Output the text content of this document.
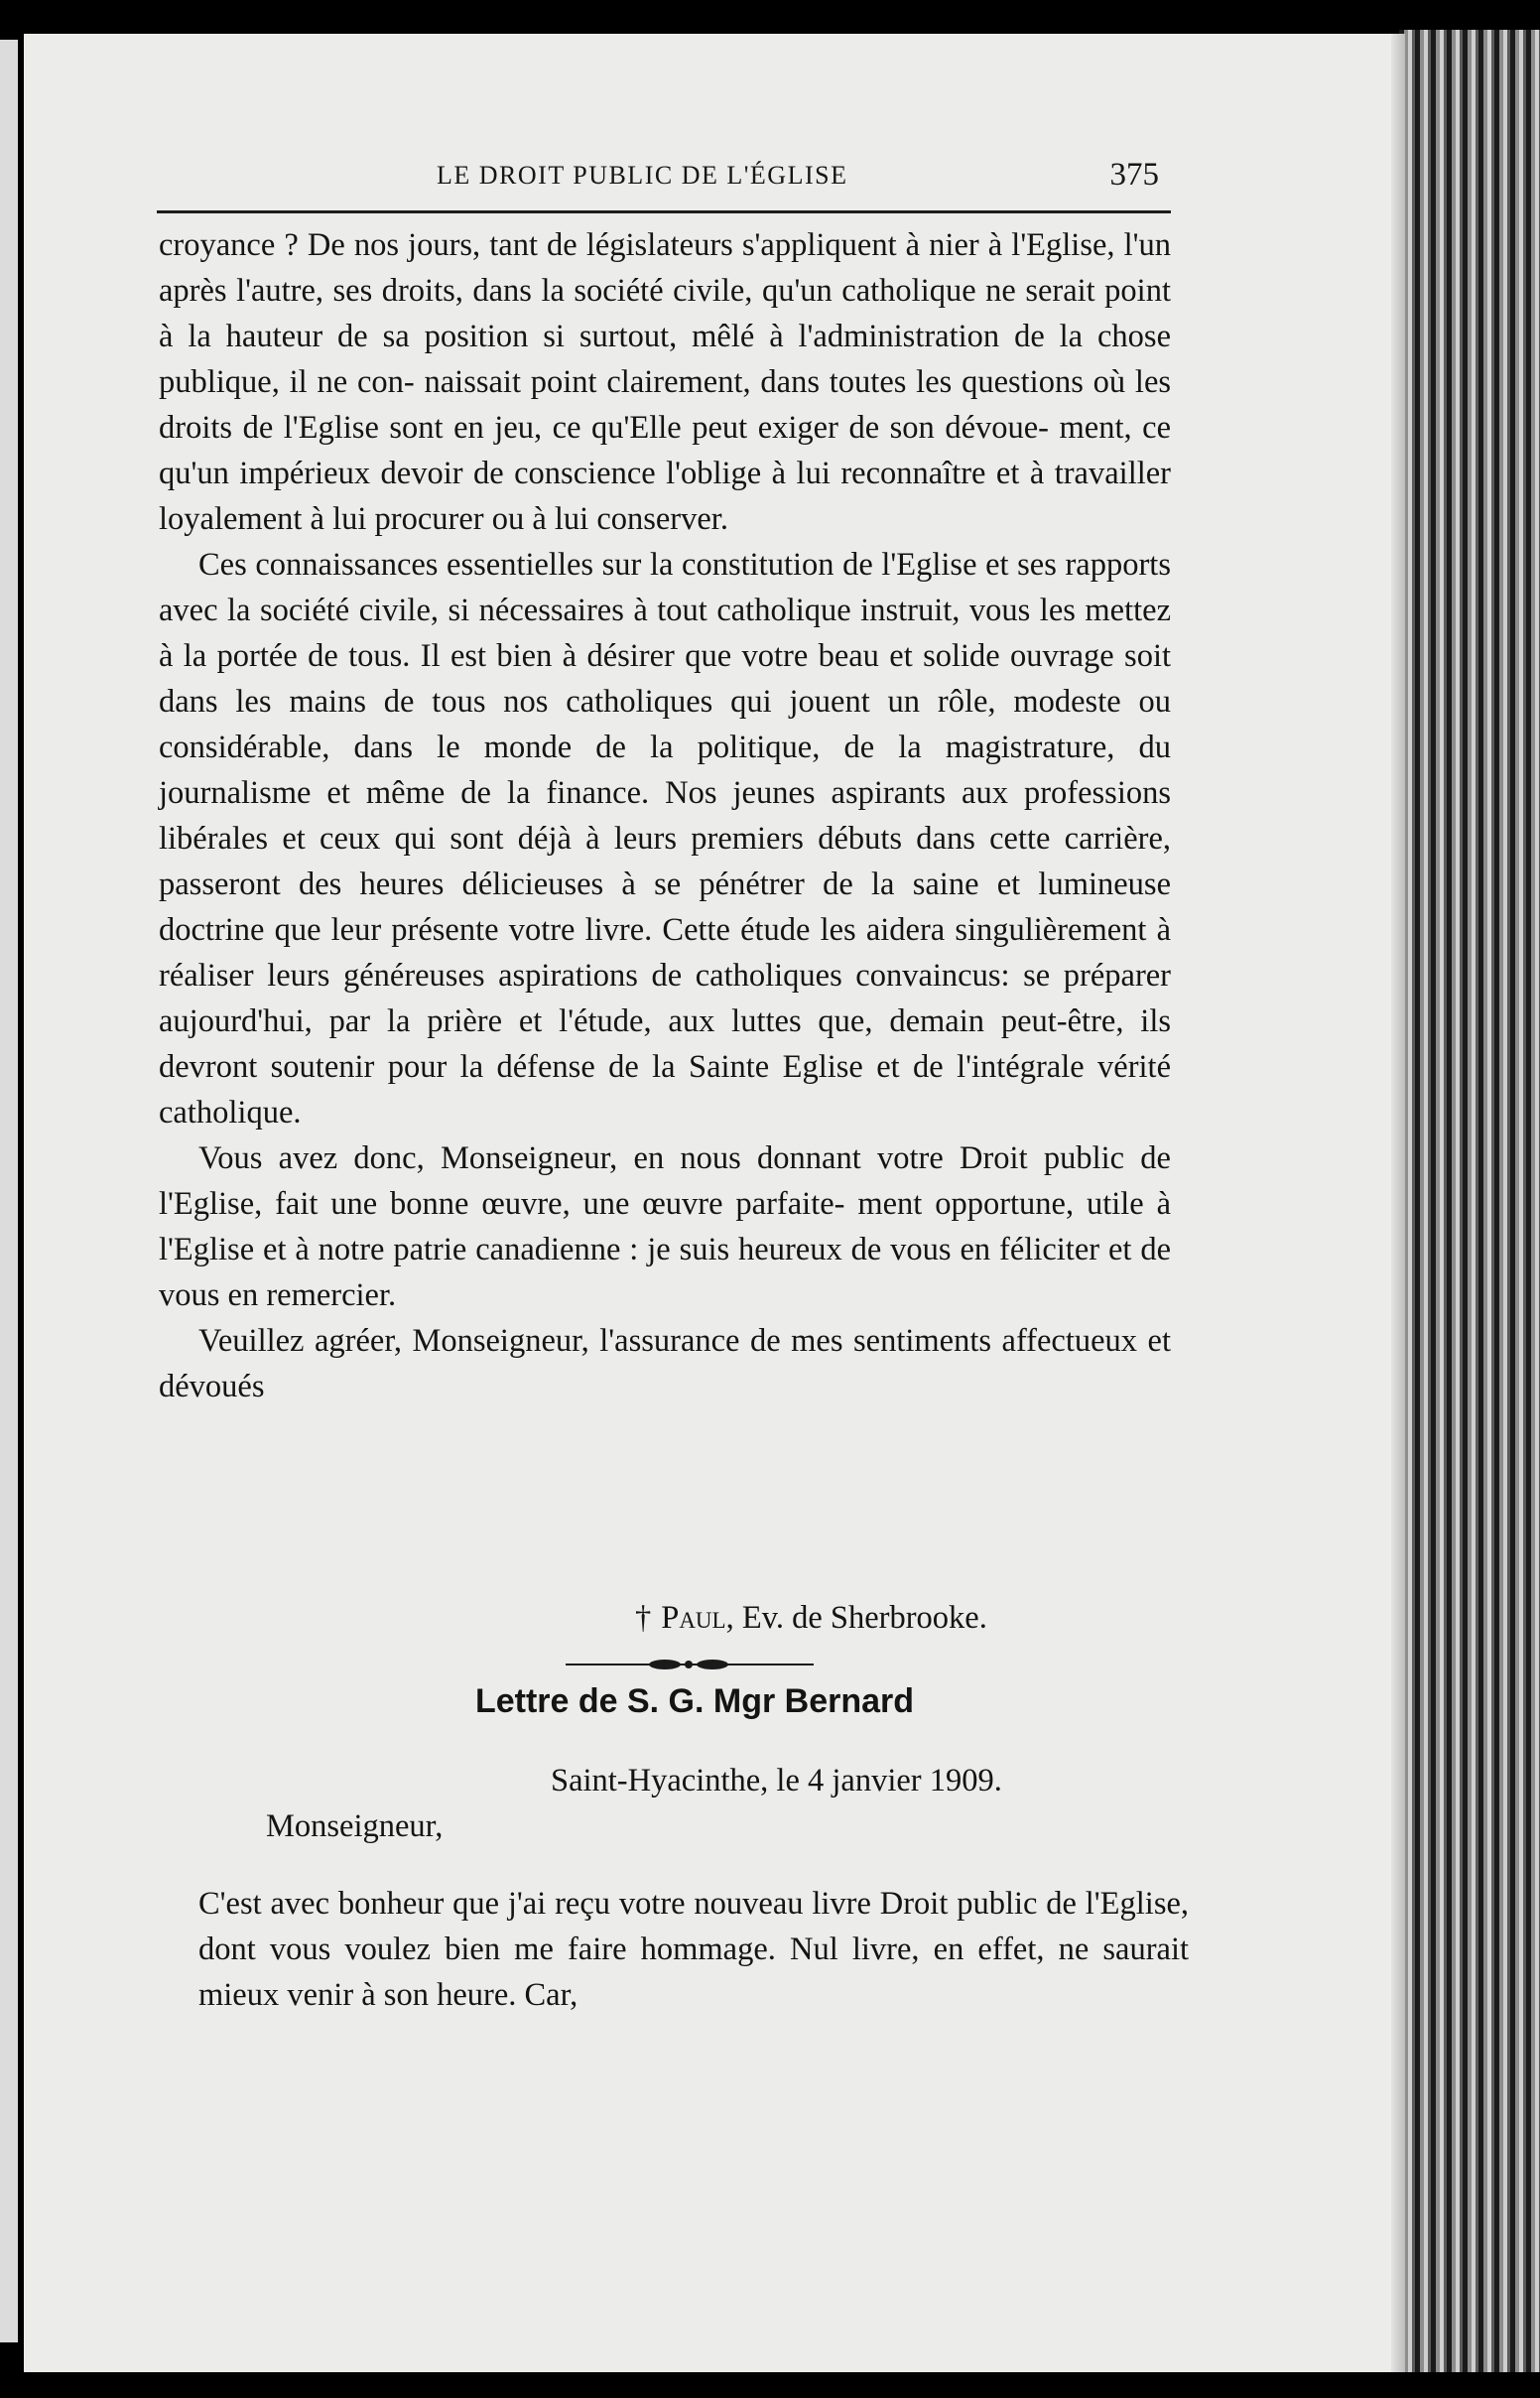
LE DROIT PUBLIC DE L'ÉGLISE	375

croyance ? De nos jours, tant de législateurs s'appliquent à nier à l'Eglise, l'un après l'autre, ses droits, dans la société civile, qu'un catholique ne serait point à la hauteur de sa position si surtout, mêlé à l'administration de la chose publique, il ne con- naissait point clairement, dans toutes les questions où les droits de l'Eglise sont en jeu, ce qu'Elle peut exiger de son dévoue- ment, ce qu'un impérieux devoir de conscience l'oblige à lui reconnaître et à travailler loyalement à lui procurer ou à lui conserver.

Ces connaissances essentielles sur la constitution de l'Eglise et ses rapports avec la société civile, si nécessaires à tout catholique instruit, vous les mettez à la portée de tous. Il est bien à désirer que votre beau et solide ouvrage soit dans les mains de tous nos catholiques qui jouent un rôle, modeste ou considérable, dans le monde de la politique, de la magistrature, du journalisme et même de la finance. Nos jeunes aspirants aux professions libérales et ceux qui sont déjà à leurs premiers débuts dans cette carrière, passeront des heures délicieuses à se pénétrer de la saine et lumineuse doctrine que leur présente votre livre. Cette étude les aidera singulièrement à réaliser leurs généreuses aspirations de catholiques convaincus: se préparer aujourd'hui, par la prière et l'étude, aux luttes que, demain peut-être, ils devront soutenir pour la défense de la Sainte Eglise et de l'intégrale vérité catholique.

Vous avez donc, Monseigneur, en nous donnant votre Droit public de l'Eglise, fait une bonne œuvre, une œuvre parfaite- ment opportune, utile à l'Eglise et à notre patrie canadienne : je suis heureux de vous en féliciter et de vous en remercier.

Veuillez agréer, Monseigneur, l'assurance de mes sentiments affectueux et dévoués

† Paul, Ev. de Sherbrooke.
Lettre de S. G. Mgr Bernard
Saint-Hyacinthe, le 4 janvier 1909.
Monseigneur,

C'est avec bonheur que j'ai reçu votre nouveau livre Droit public de l'Eglise, dont vous voulez bien me faire hommage. Nul livre, en effet, ne saurait mieux venir à son heure. Car,
